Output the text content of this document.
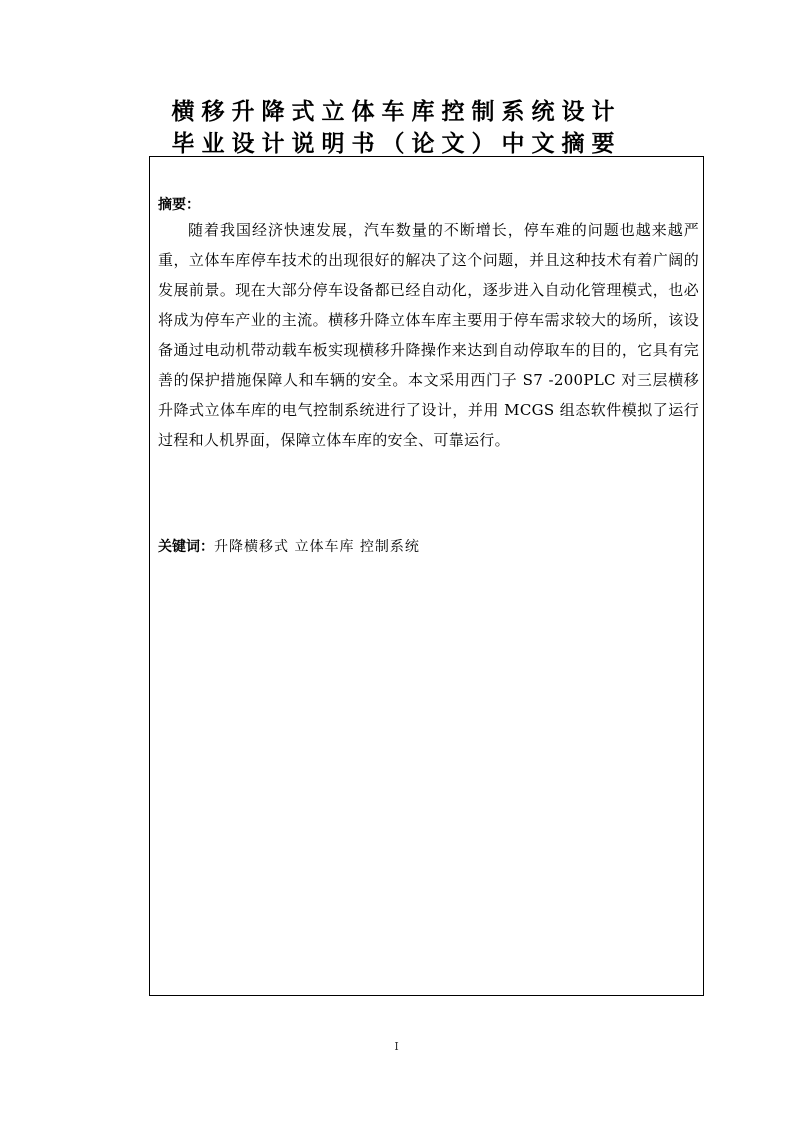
横移升降式立体车库控制系统设计
毕业设计说明书（论文）中文摘要
摘要：
随着我国经济快速发展，汽车数量的不断增长，停车难的问题也越来越严重，立体车库停车技术的出现很好的解决了这个问题，并且这种技术有着广阔的发展前景。现在大部分停车设备都已经自动化，逐步进入自动化管理模式，也必将成为停车产业的主流。横移升降立体车库主要用于停车需求较大的场所，该设备通过电动机带动载车板实现横移升降操作来达到自动停取车的目的，它具有完善的保护措施保障人和车辆的安全。本文采用西门子 S7 -200PLC 对三层横移升降式立体车库的电气控制系统进行了设计，并用 MCGS 组态软件模拟了运行过程和人机界面，保障立体车库的安全、可靠运行。
关键词：升降横移式 立体车库 控制系统
I
